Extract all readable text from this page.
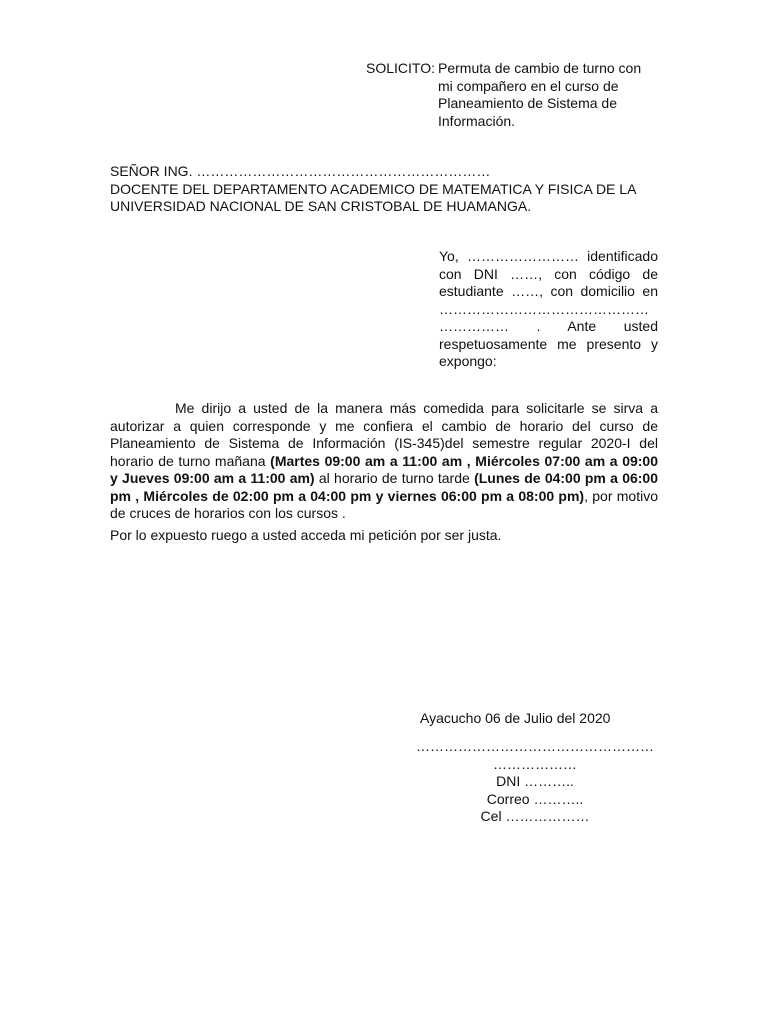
SOLICITO: Permuta de cambio de turno con
mi compañero en el curso de
Planeamiento de Sistema de
Información.
SEÑOR ING. ………………………………………………………
DOCENTE DEL DEPARTAMENTO ACADEMICO DE MATEMATICA Y FISICA DE LA
UNIVERSIDAD NACIONAL DE SAN CRISTOBAL DE HUAMANGA.
Yo, …………………… identificado con DNI ……, con código de estudiante ……, con domicilio en ……………………………………… …………… . Ante usted respetuosamente me presento y expongo:
Me dirijo a usted de la manera más comedida para solicitarle se sirva a autorizar a quien corresponde y me confiera el cambio de horario del curso de Planeamiento de Sistema de Información (IS-345)del semestre regular 2020-I del horario de turno mañana (Martes 09:00 am a 11:00 am , Miércoles 07:00 am a 09:00 y Jueves 09:00 am a 11:00 am) al horario de turno tarde (Lunes de 04:00 pm a 06:00 pm , Miércoles de 02:00 pm a 04:00 pm y viernes 06:00 pm a 08:00 pm), por motivo de cruces de horarios con los cursos .
Por lo expuesto ruego a usted acceda mi petición por ser justa.
Ayacucho 06 de Julio del 2020
……………………………………………
………………
DNI ………..
Correo ………..
Cel ………………
